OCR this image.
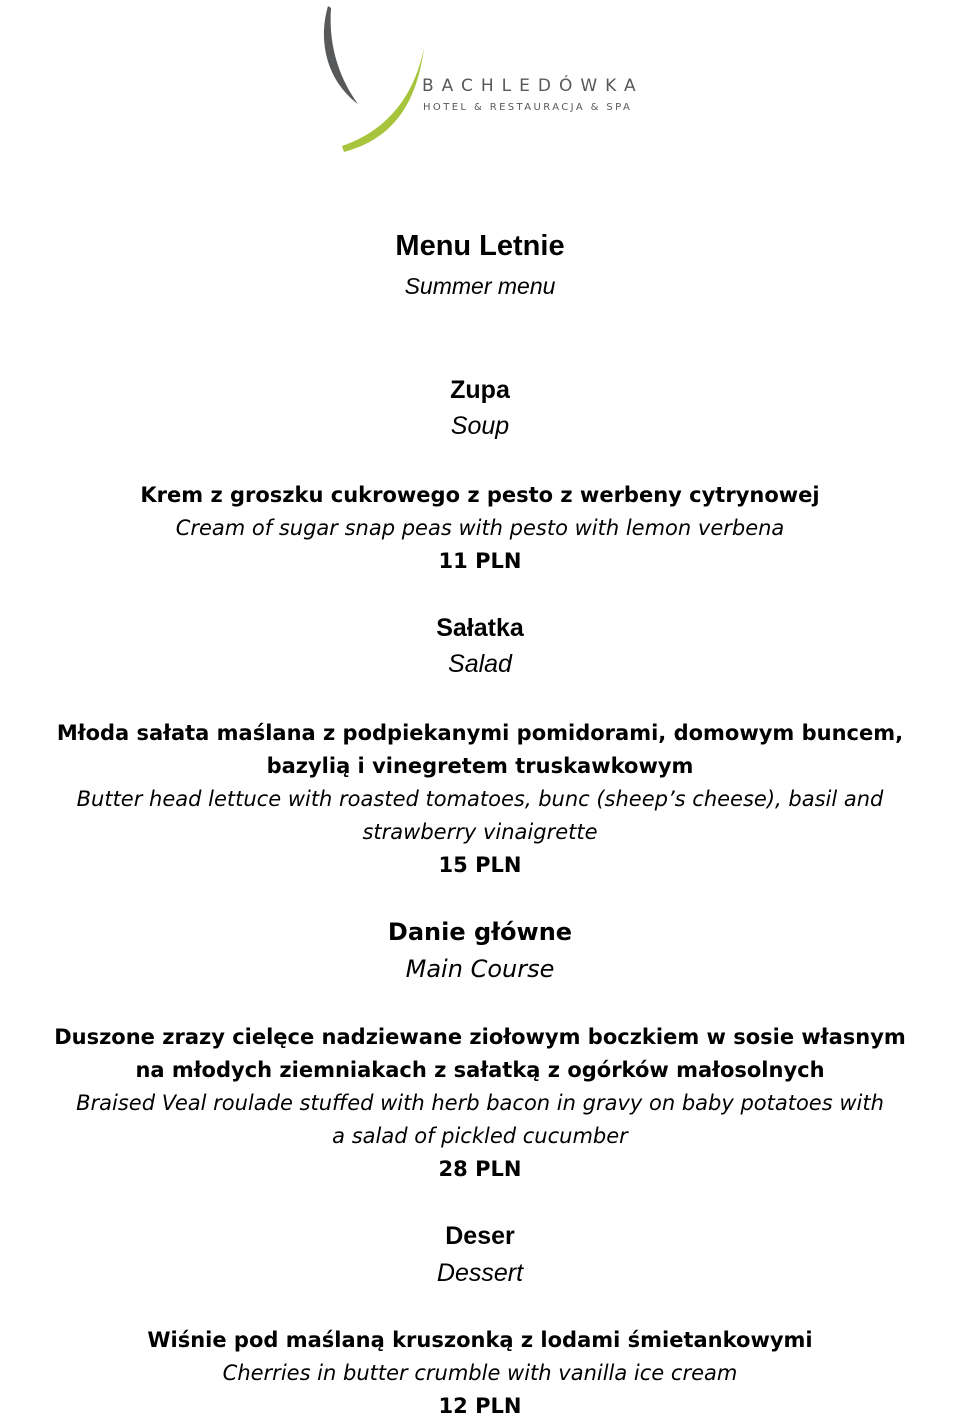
BACHLEDÓWKA
HOTEL & RESTAURACJA & SPA

Menu Letnie

Summer menu

Zupa

Soup

Krem z groszku cukrowego z pesto z werbeny cytrynowej

Cream of sugar snap peas with pesto with lemon verbena

11 PLN

Sałatka

Salad

Młoda sałata maślana z podpiekanymi pomidorami, domowym buncem,

bazylią i vinegretem truskawkowym

Butter head lettuce with roasted tomatoes, bunc (sheep’s cheese), basil and

strawberry vinaigrette

15 PLN

Danie główne

Main Course

Duszone zrazy cielęce nadziewane ziołowym boczkiem w sosie własnym

na młodych ziemniakach z sałatką z ogórków małosolnych

Braised Veal roulade stuffed with herb bacon in gravy on baby potatoes with

a salad of pickled cucumber

28 PLN

Deser

Dessert

Wiśnie pod maślaną kruszonką z lodami śmietankowymi

Cherries in butter crumble with vanilla ice cream

12 PLN
